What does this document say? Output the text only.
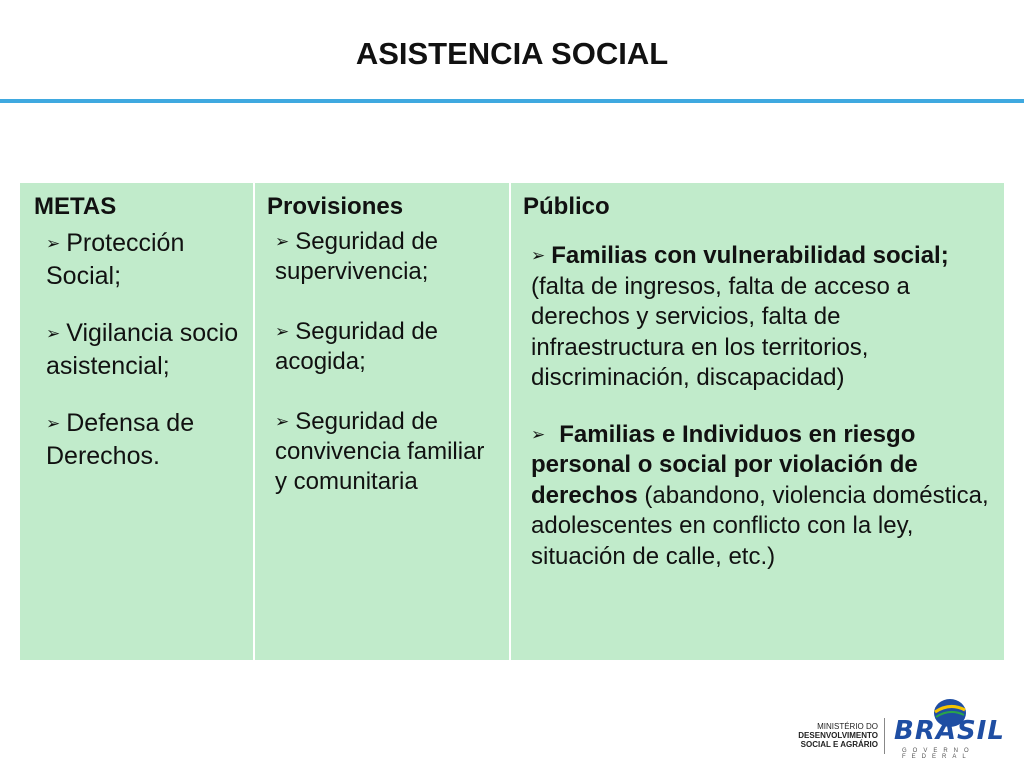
ASISTENCIA SOCIAL
METAS
➢ Protección Social;
➢ Vigilancia socio asistencial;
➢ Defensa de Derechos.
Provisiones
➢ Seguridad de supervivencia;
➢ Seguridad de acogida;
➢ Seguridad de convivencia familiar y comunitaria
Público
➢ Familias con vulnerabilidad social;
(falta de ingresos, falta de acceso a derechos y servicios, falta de infraestructura en los territorios, discriminación, discapacidad)
➢ Familias e Individuos en riesgo personal o social por violación de derechos (abandono, violencia doméstica, adolescentes en conflicto con la ley, situación de calle, etc.)
MINISTÉRIO DO

DESENVOLVIMENTO
SOCIAL E AGRÁRIO BRASIL
GOVERNO FEDERAL
